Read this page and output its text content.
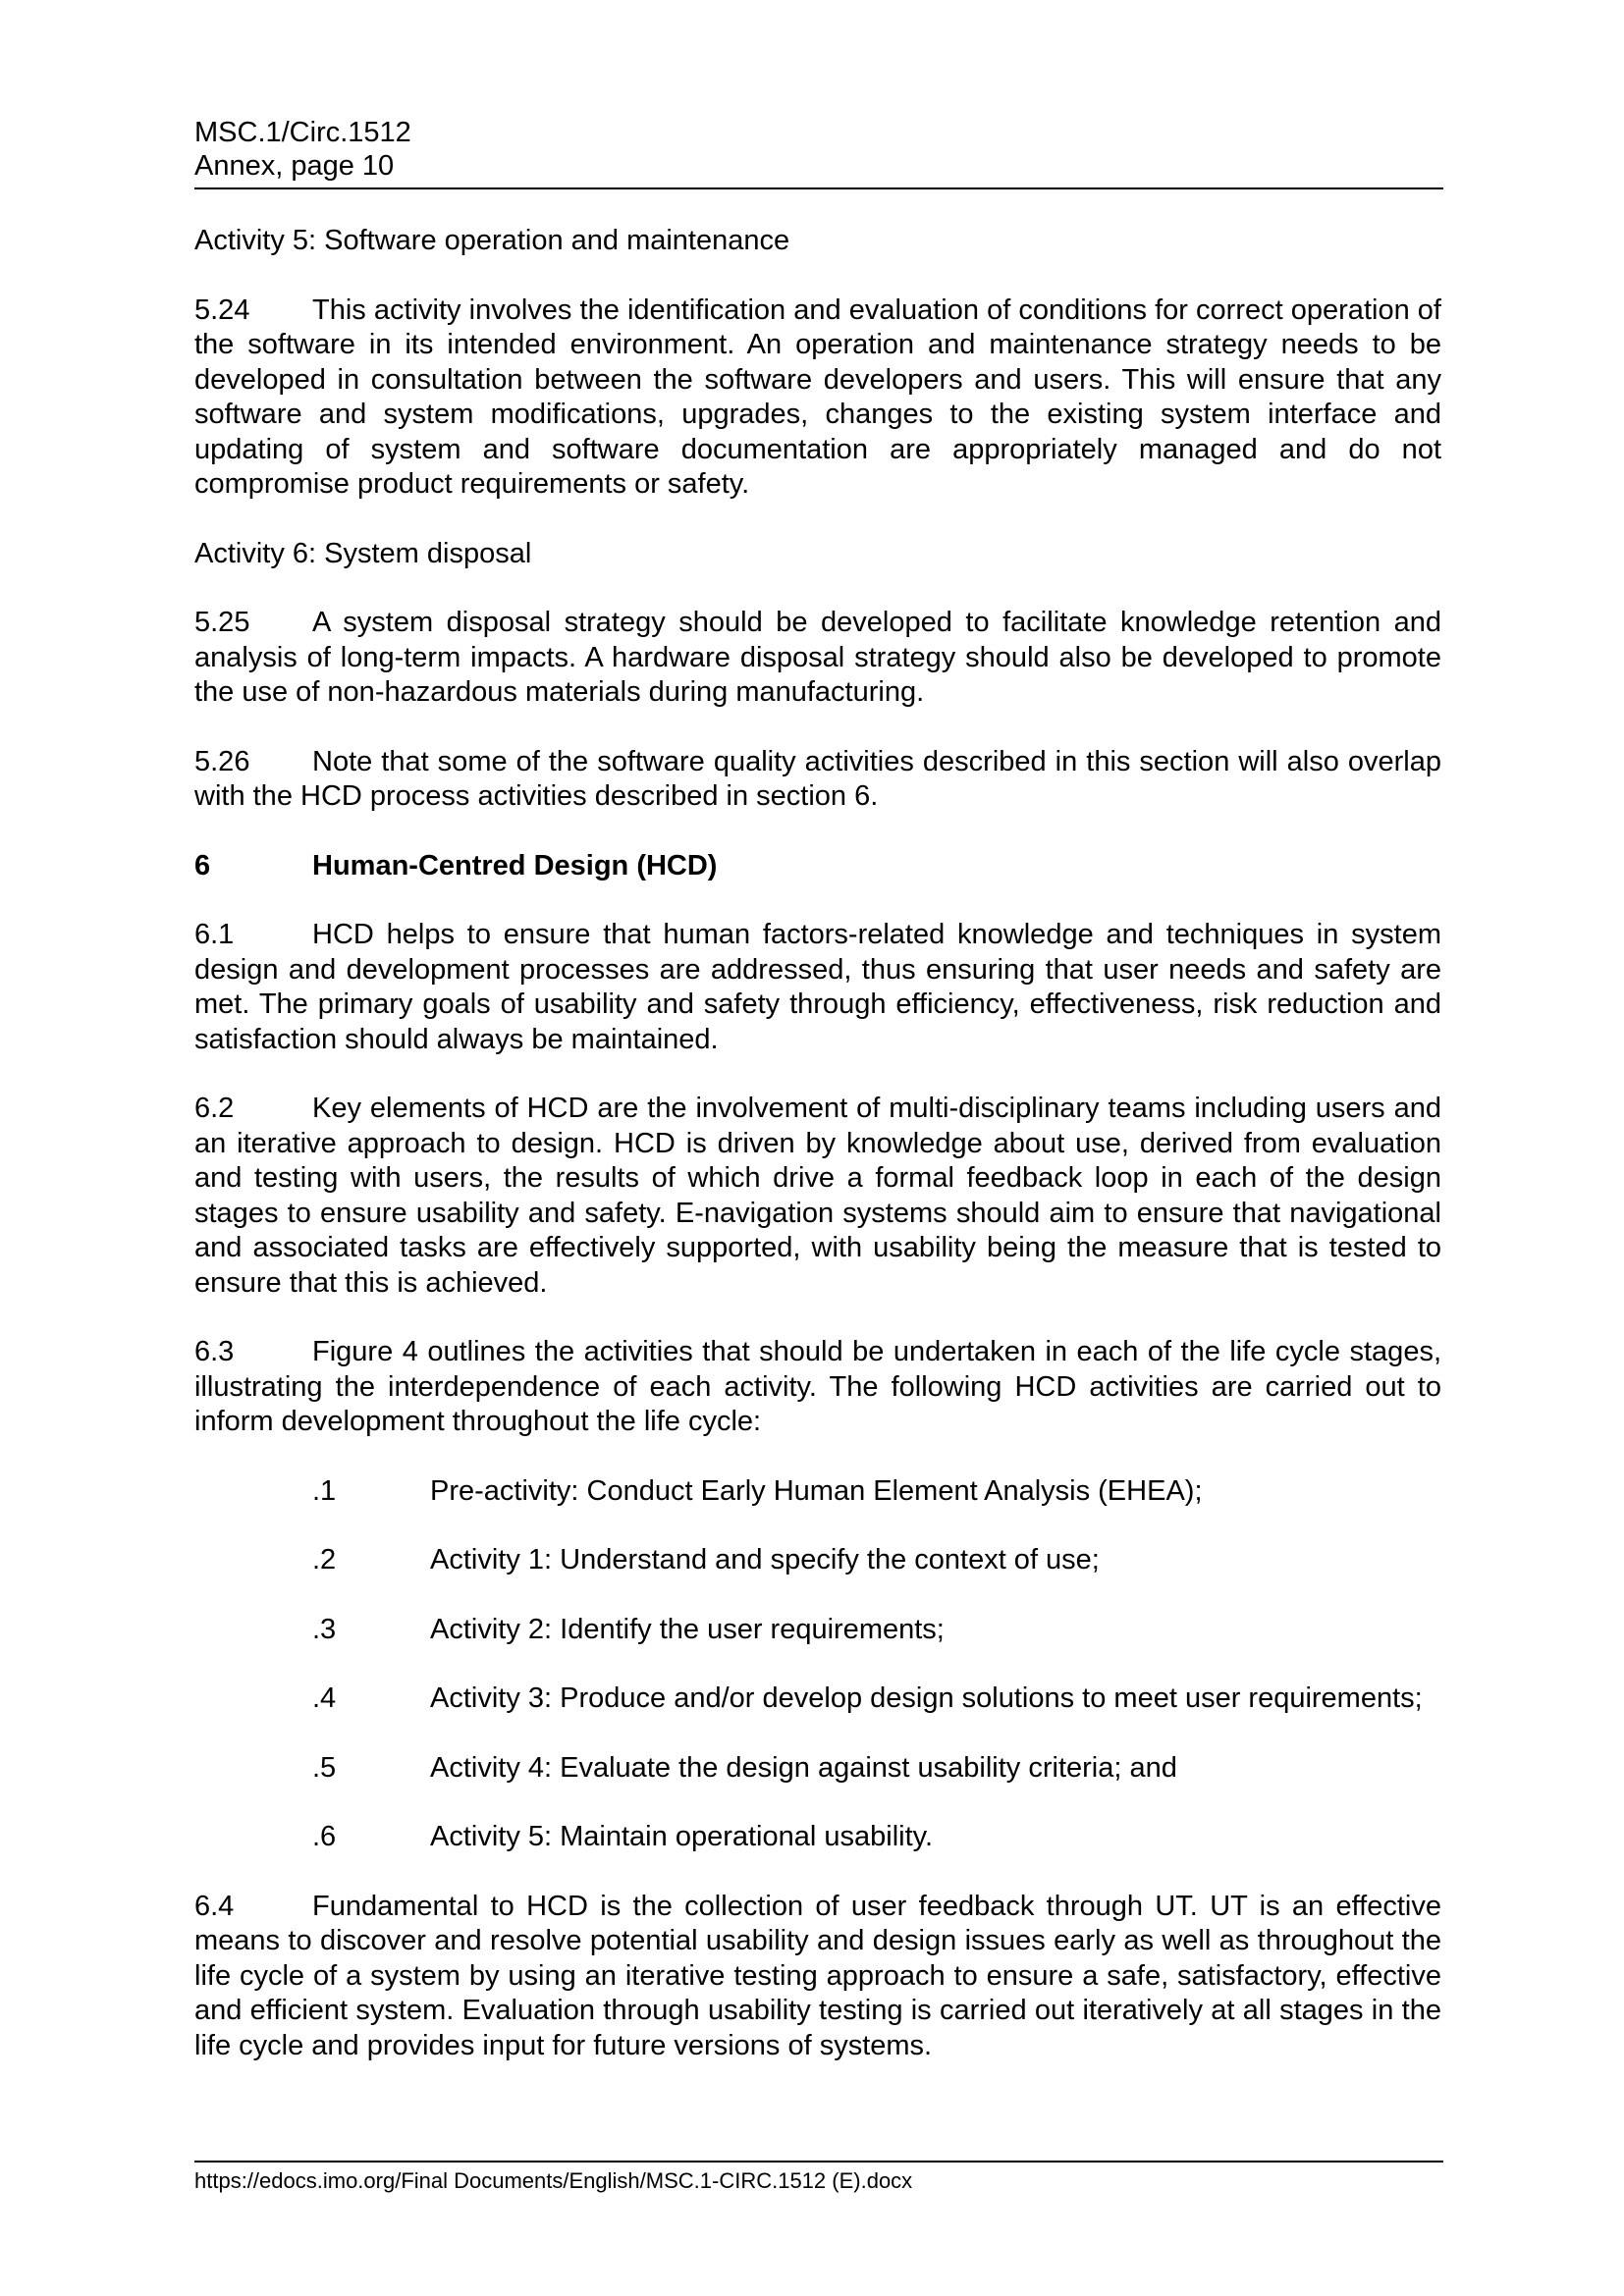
MSC.1/Circ.1512
Annex, page 10
Activity 5: Software operation and maintenance
5.24 This activity involves the identification and evaluation of conditions for correct operation of the software in its intended environment. An operation and maintenance strategy needs to be developed in consultation between the software developers and users. This will ensure that any software and system modifications, upgrades, changes to the existing system interface and updating of system and software documentation are appropriately managed and do not compromise product requirements or safety.
Activity 6: System disposal
5.25 A system disposal strategy should be developed to facilitate knowledge retention and analysis of long-term impacts. A hardware disposal strategy should also be developed to promote the use of non-hazardous materials during manufacturing.
5.26 Note that some of the software quality activities described in this section will also overlap with the HCD process activities described in section 6.
6	Human-Centred Design (HCD)
6.1	HCD helps to ensure that human factors-related knowledge and techniques in system design and development processes are addressed, thus ensuring that user needs and safety are met. The primary goals of usability and safety through efficiency, effectiveness, risk reduction and satisfaction should always be maintained.
6.2	Key elements of HCD are the involvement of multi-disciplinary teams including users and an iterative approach to design. HCD is driven by knowledge about use, derived from evaluation and testing with users, the results of which drive a formal feedback loop in each of the design stages to ensure usability and safety. E-navigation systems should aim to ensure that navigational and associated tasks are effectively supported, with usability being the measure that is tested to ensure that this is achieved.
6.3	Figure 4 outlines the activities that should be undertaken in each of the life cycle stages, illustrating the interdependence of each activity. The following HCD activities are carried out to inform development throughout the life cycle:
.1	Pre-activity: Conduct Early Human Element Analysis (EHEA);
.2	Activity 1: Understand and specify the context of use;
.3	Activity 2: Identify the user requirements;
.4	Activity 3: Produce and/or develop design solutions to meet user requirements;
.5	Activity 4: Evaluate the design against usability criteria; and
.6	Activity 5: Maintain operational usability.
6.4	Fundamental to HCD is the collection of user feedback through UT. UT is an effective means to discover and resolve potential usability and design issues early as well as throughout the life cycle of a system by using an iterative testing approach to ensure a safe, satisfactory, effective and efficient system. Evaluation through usability testing is carried out iteratively at all stages in the life cycle and provides input for future versions of systems.
https://edocs.imo.org/Final Documents/English/MSC.1-CIRC.1512 (E).docx
